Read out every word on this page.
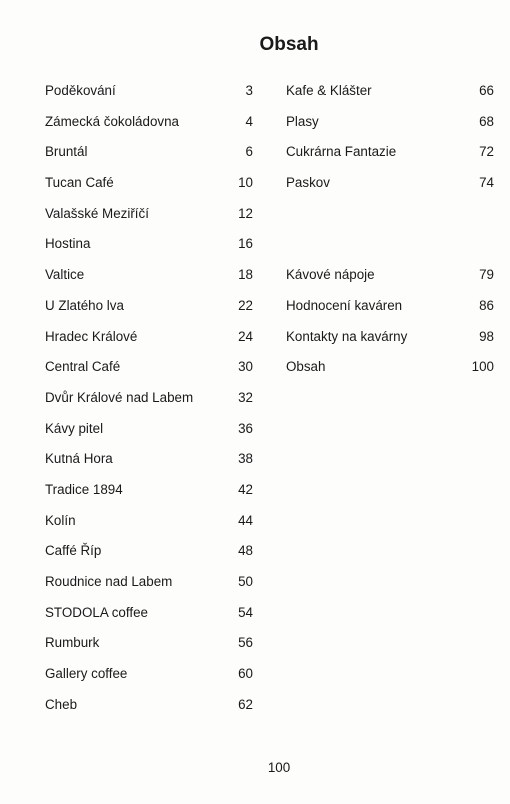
Obsah
Poděkování	3
Zámecká čokoládovna	4
Bruntál	6
Tucan Café	10
Valašské Meziříčí	12
Hostina	16
Valtice	18
U Zlatého lva	22
Hradec Králové	24
Central Café	30
Dvůr Králové nad Labem	32
Kávy pitel	36
Kutná Hora	38
Tradice 1894	42
Kolín	44
Caffé Říp	48
Roudnice nad Labem	50
STODOLA coffee	54
Rumburk	56
Gallery coffee	60
Cheb	62
Kafe & Klášter	66
Plasy	68
Cukrárna Fantazie	72
Paskov	74
Kávové nápoje	79
Hodnocení kaváren	86
Kontakty na kavárny	98
Obsah	100
100
